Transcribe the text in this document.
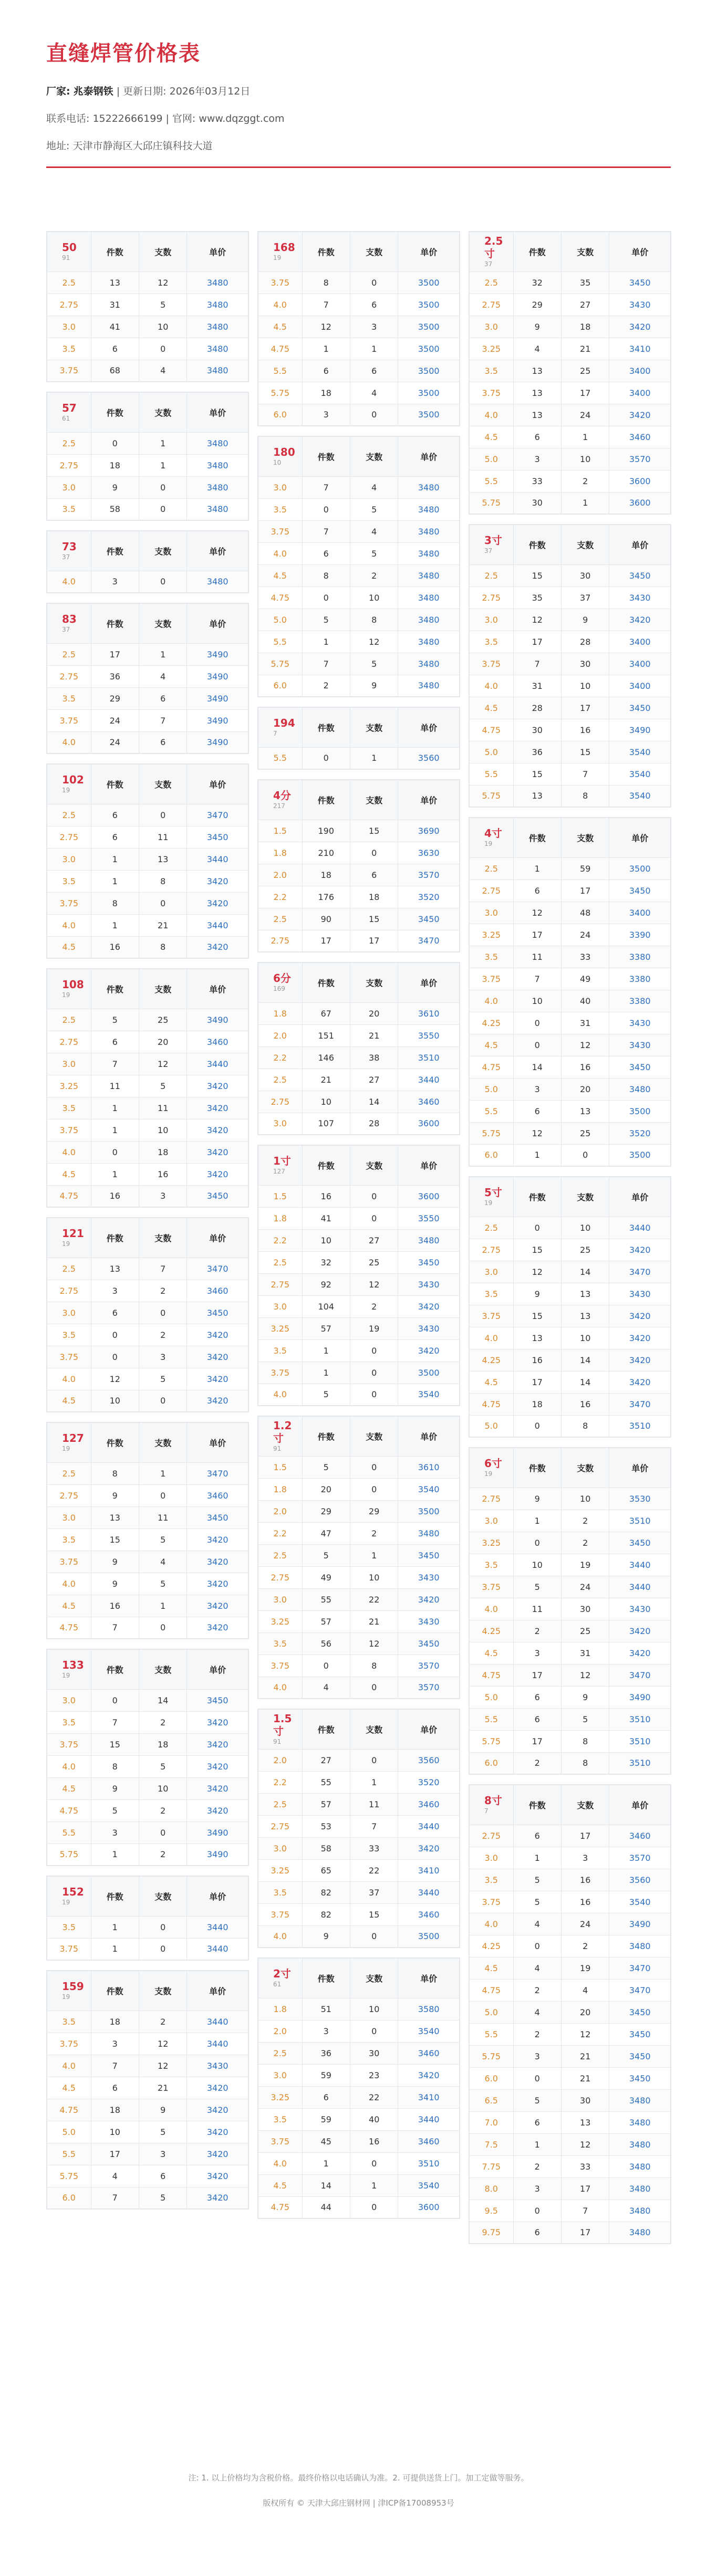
直缝焊管价格表
厂家: 兆泰钢铁 | 更新日期: 2026年03月12日
联系电话: 15222666199 | 官网: www.dqzggt.com
地址: 天津市静海区大邱庄镇科技大道
50
91	件数	支数	单价
2.5	13	12	3480
2.75	31	5	3480
3.0	41	10	3480
3.5	6	0	3480
3.75	68	4	3480
57
61	件数	支数	单价
2.5	0	1	3480
2.75	18	1	3480
3.0	9	0	3480
3.5	58	0	3480
73
37	件数	支数	单价
4.0	3	0	3480
83
37	件数	支数	单价
2.5	17	1	3490
2.75	36	4	3490
3.5	29	6	3490
3.75	24	7	3490
4.0	24	6	3490
102
19	件数	支数	单价
2.5	6	0	3470
2.75	6	11	3450
3.0	1	13	3440
3.5	1	8	3420
3.75	8	0	3420
4.0	1	21	3440
4.5	16	8	3420
108
19	件数	支数	单价
2.5	5	25	3490
2.75	6	20	3460
3.0	7	12	3440
3.25	11	5	3420
3.5	1	11	3420
3.75	1	10	3420
4.0	0	18	3420
4.5	1	16	3420
4.75	16	3	3450
121
19	件数	支数	单价
2.5	13	7	3470
2.75	3	2	3460
3.0	6	0	3450
3.5	0	2	3420
3.75	0	3	3420
4.0	12	5	3420
4.5	10	0	3420
127
19	件数	支数	单价
2.5	8	1	3470
2.75	9	0	3460
3.0	13	11	3450
3.5	15	5	3420
3.75	9	4	3420
4.0	9	5	3420
4.5	16	1	3420
4.75	7	0	3420
133
19	件数	支数	单价
3.0	0	14	3450
3.5	7	2	3420
3.75	15	18	3420
4.0	8	5	3420
4.5	9	10	3420
4.75	5	2	3420
5.5	3	0	3490
5.75	1	2	3490
152
19	件数	支数	单价
3.5	1	0	3440
3.75	1	0	3440
159
19	件数	支数	单价
3.5	18	2	3440
3.75	3	12	3440
4.0	7	12	3430
4.5	6	21	3420
4.75	18	9	3420
5.0	10	5	3420
5.5	17	3	3420
5.75	4	6	3420
6.0	7	5	3420
168
19	件数	支数	单价
3.75	8	0	3500
4.0	7	6	3500
4.5	12	3	3500
4.75	1	1	3500
5.5	6	6	3500
5.75	18	4	3500
6.0	3	0	3500
180
10	件数	支数	单价
3.0	7	4	3480
3.5	0	5	3480
3.75	7	4	3480
4.0	6	5	3480
4.5	8	2	3480
4.75	0	10	3480
5.0	5	8	3480
5.5	1	12	3480
5.75	7	5	3480
6.0	2	9	3480
194
7	件数	支数	单价
5.5	0	1	3560
4分
217	件数	支数	单价
1.5	190	15	3690
1.8	210	0	3630
2.0	18	6	3570
2.2	176	18	3520
2.5	90	15	3450
2.75	17	17	3470
6分
169	件数	支数	单价
1.8	67	20	3610
2.0	151	21	3550
2.2	146	38	3510
2.5	21	27	3440
2.75	10	14	3460
3.0	107	28	3600
1寸
127	件数	支数	单价
1.5	16	0	3600
1.8	41	0	3550
2.2	10	27	3480
2.5	32	25	3450
2.75	92	12	3430
3.0	104	2	3420
3.25	57	19	3430
3.5	1	0	3420
3.75	1	0	3500
4.0	5	0	3540
1.2寸
91	件数	支数	单价
1.5	5	0	3610
1.8	20	0	3540
2.0	29	29	3500
2.2	47	2	3480
2.5	5	1	3450
2.75	49	10	3430
3.0	55	22	3420
3.25	57	21	3430
3.5	56	12	3450
3.75	0	8	3570
4.0	4	0	3570
1.5寸
91	件数	支数	单价
2.0	27	0	3560
2.2	55	1	3520
2.5	57	11	3460
2.75	53	7	3440
3.0	58	33	3420
3.25	65	22	3410
3.5	82	37	3440
3.75	82	15	3460
4.0	9	0	3500
2寸
61	件数	支数	单价
1.8	51	10	3580
2.0	3	0	3540
2.5	36	30	3460
3.0	59	23	3420
3.25	6	22	3410
3.5	59	40	3440
3.75	45	16	3460
4.0	1	0	3510
4.5	14	1	3540
4.75	44	0	3600
2.5寸
37	件数	支数	单价
2.5	32	35	3450
2.75	29	27	3430
3.0	9	18	3420
3.25	4	21	3410
3.5	13	25	3400
3.75	13	17	3400
4.0	13	24	3420
4.5	6	1	3460
5.0	3	10	3570
5.5	33	2	3600
5.75	30	1	3600
3寸
37	件数	支数	单价
2.5	15	30	3450
2.75	35	37	3430
3.0	12	9	3420
3.5	17	28	3400
3.75	7	30	3400
4.0	31	10	3400
4.5	28	17	3450
4.75	30	16	3490
5.0	36	15	3540
5.5	15	7	3540
5.75	13	8	3540
4寸
19	件数	支数	单价
2.5	1	59	3500
2.75	6	17	3450
3.0	12	48	3400
3.25	17	24	3390
3.5	11	33	3380
3.75	7	49	3380
4.0	10	40	3380
4.25	0	31	3430
4.5	0	12	3430
4.75	14	16	3450
5.0	3	20	3480
5.5	6	13	3500
5.75	12	25	3520
6.0	1	0	3500
5寸
19	件数	支数	单价
2.5	0	10	3440
2.75	15	25	3420
3.0	12	14	3470
3.5	9	13	3430
3.75	15	13	3420
4.0	13	10	3420
4.25	16	14	3420
4.5	17	14	3420
4.75	18	16	3470
5.0	0	8	3510
6寸
19	件数	支数	单价
2.75	9	10	3530
3.0	1	2	3510
3.25	0	2	3450
3.5	10	19	3440
3.75	5	24	3440
4.0	11	30	3430
4.25	2	25	3420
4.5	3	31	3420
4.75	17	12	3470
5.0	6	9	3490
5.5	6	5	3510
5.75	17	8	3510
6.0	2	8	3510
8寸
7	件数	支数	单价
2.75	6	17	3460
3.0	1	3	3570
3.5	5	16	3560
3.75	5	16	3540
4.0	4	24	3490
4.25	0	2	3480
4.5	4	19	3470
4.75	2	4	3470
5.0	4	20	3450
5.5	2	12	3450
5.75	3	21	3450
6.0	0	21	3450
6.5	5	30	3480
7.0	6	13	3480
7.5	1	12	3480
7.75	2	33	3480
8.0	3	17	3480
9.5	0	7	3480
9.75	6	17	3480
注: 1. 以上价格均为含税价格。最终价格以电话确认为准。2. 可提供送货上门。加工定做等服务。
版权所有 © 天津大邱庄钢材网 | 津ICP备17008953号
